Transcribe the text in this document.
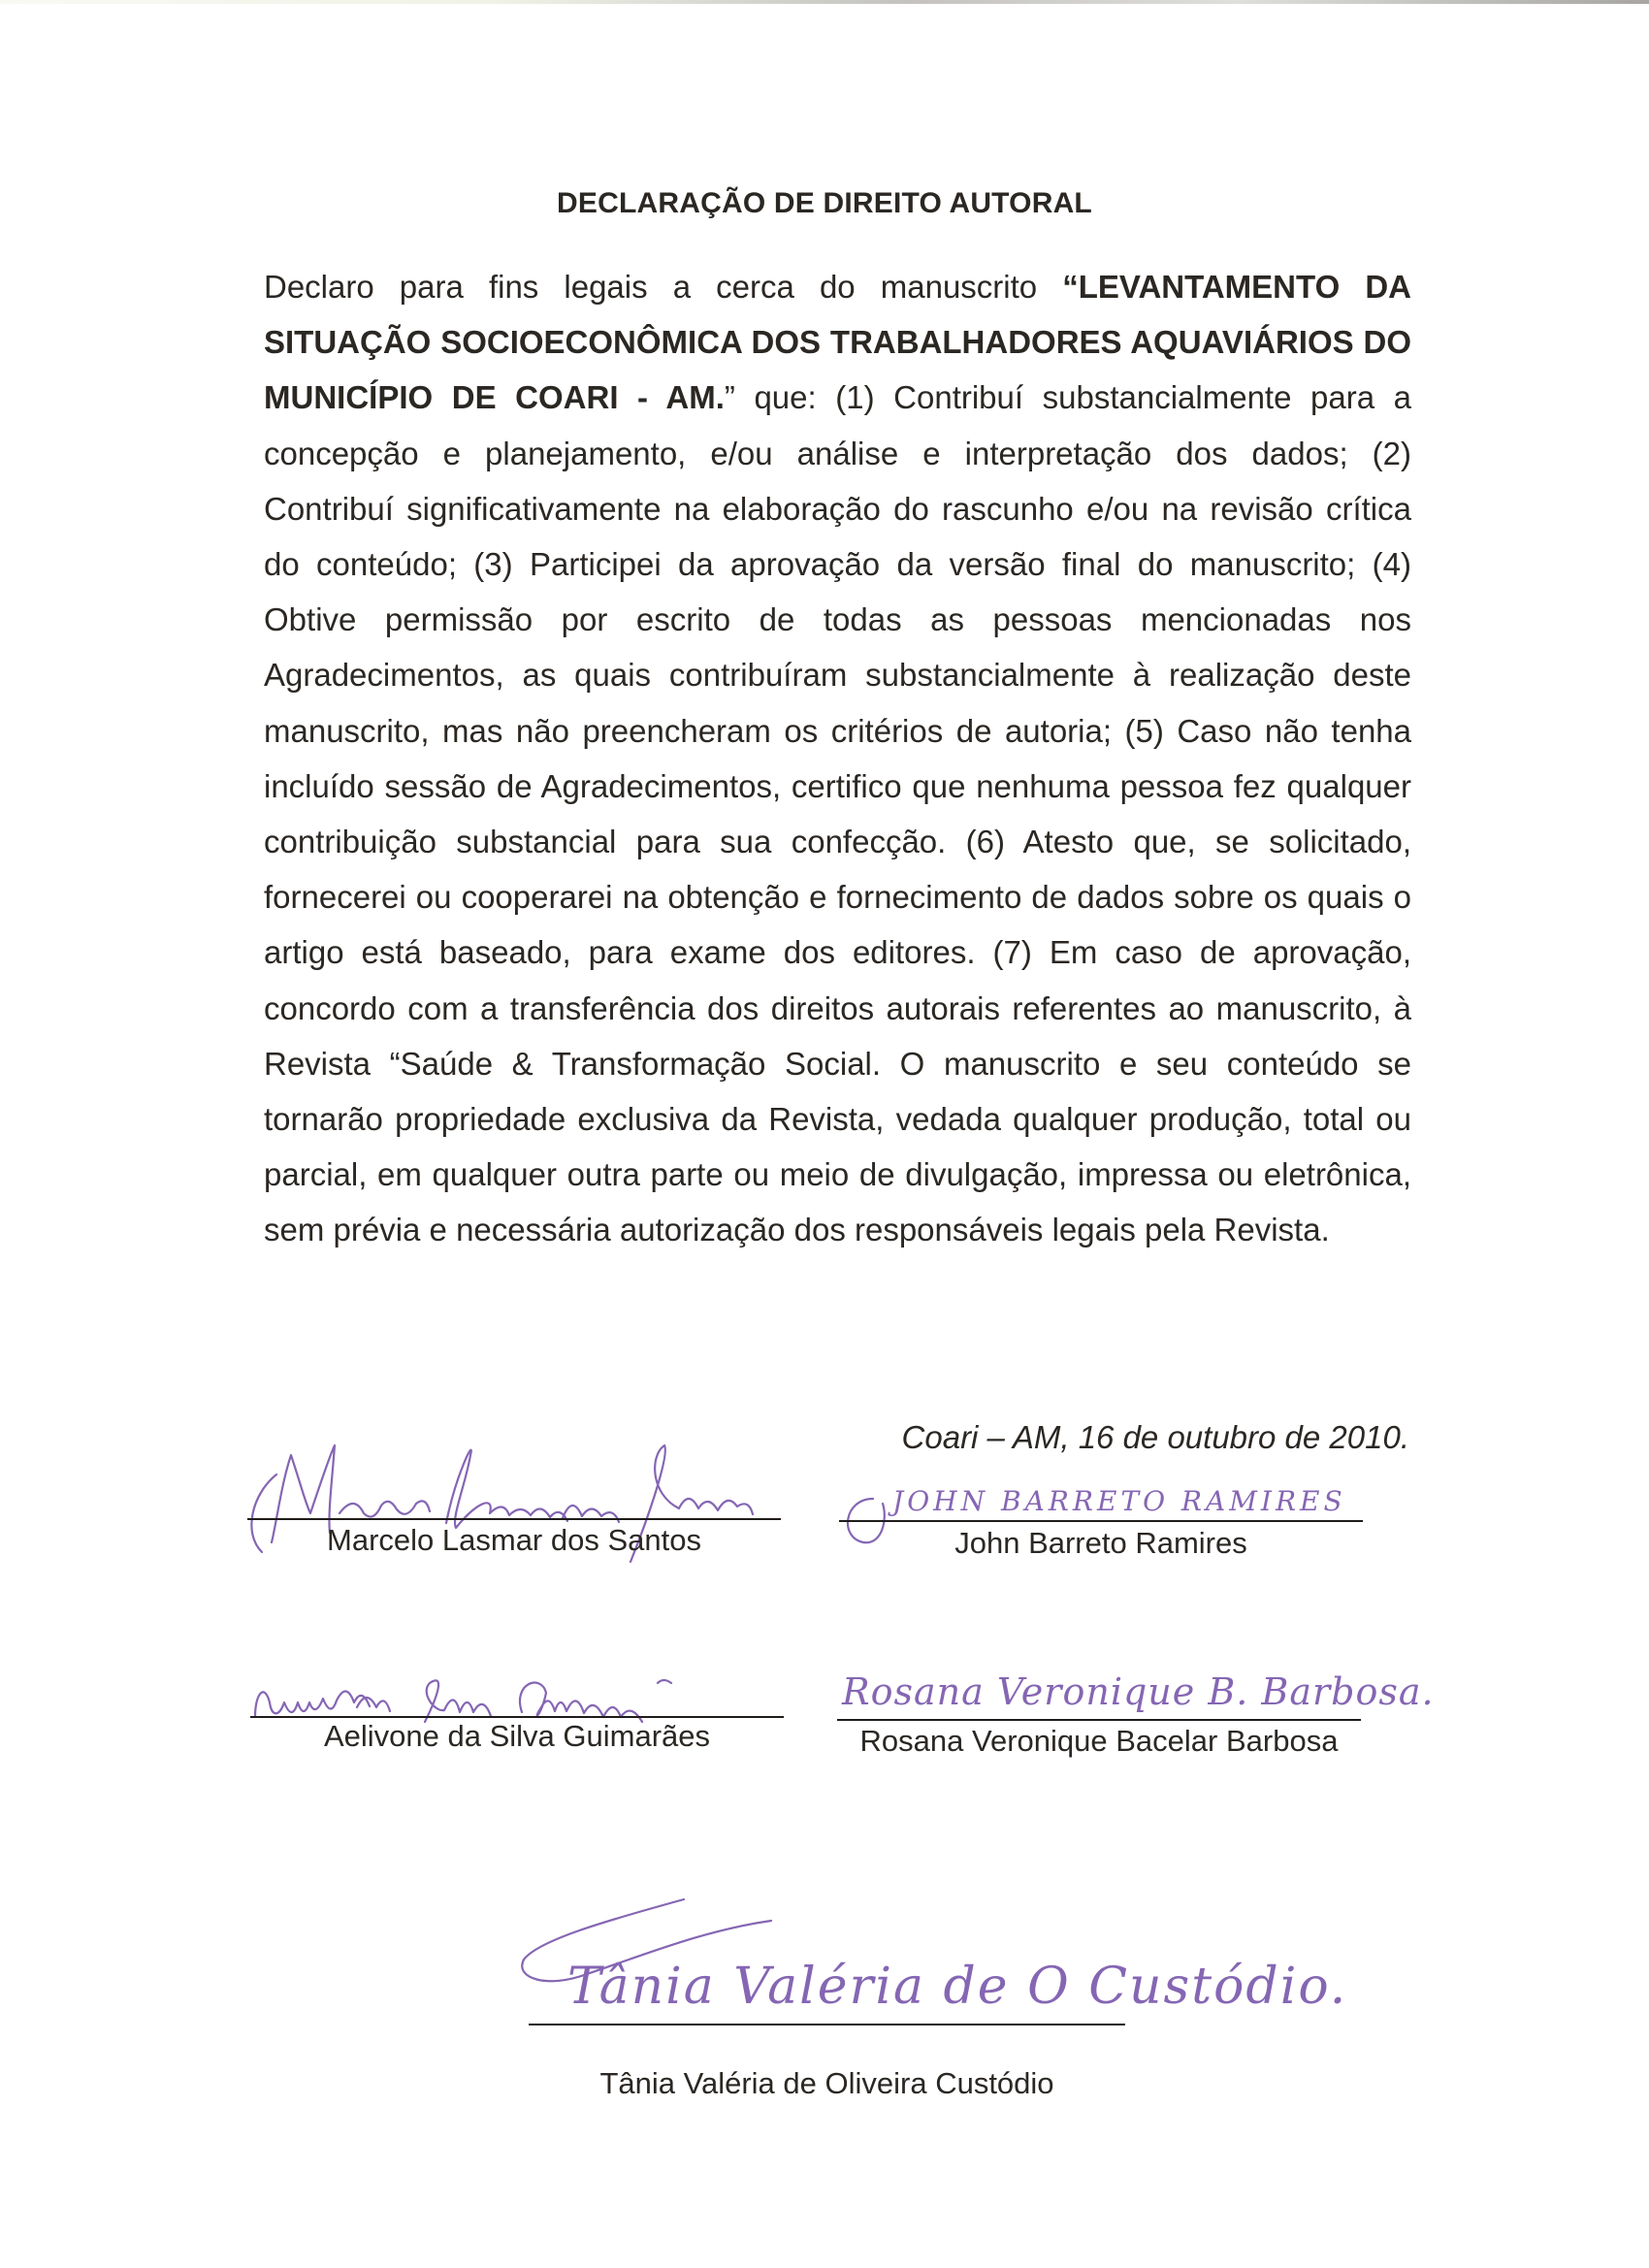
DECLARAÇÃO DE DIREITO AUTORAL
Declaro para fins legais a cerca do manuscrito “LEVANTAMENTO DA SITUAÇÃO SOCIOECONÔMICA DOS TRABALHADORES AQUAVIÁRIOS DO MUNICÍPIO DE COARI - AM.” que: (1) Contribuí substancialmente para a concepção e planejamento, e/ou análise e interpretação dos dados; (2) Contribuí significativamente na elaboração do rascunho e/ou na revisão crítica do conteúdo; (3) Participei da aprovação da versão final do manuscrito; (4) Obtive permissão por escrito de todas as pessoas mencionadas nos Agradecimentos, as quais contribuíram substancialmente à realização deste manuscrito, mas não preencheram os critérios de autoria; (5) Caso não tenha incluído sessão de Agradecimentos, certifico que nenhuma pessoa fez qualquer contribuição substancial para sua confecção. (6) Atesto que, se solicitado, fornecerei ou cooperarei na obtenção e fornecimento de dados sobre os quais o artigo está baseado, para exame dos editores. (7) Em caso de aprovação, concordo com a transferência dos direitos autorais referentes ao manuscrito, à Revista “Saúde & Transformação Social. O manuscrito e seu conteúdo se tornarão propriedade exclusiva da Revista, vedada qualquer produção, total ou parcial, em qualquer outra parte ou meio de divulgação, impressa ou eletrônica, sem prévia e necessária autorização dos responsáveis legais pela Revista.
Coari – AM, 16 de outubro de 2010.
Marcelo Lasmar dos Santos
JOHN BARRETO RAMIRES
John Barreto Ramires
Aelivone da Silva Guimarães
Rosana Veronique B. Barbosa.
Rosana Veronique Bacelar Barbosa
Tânia Valéria de O Custódio.
Tânia Valéria de Oliveira Custódio
